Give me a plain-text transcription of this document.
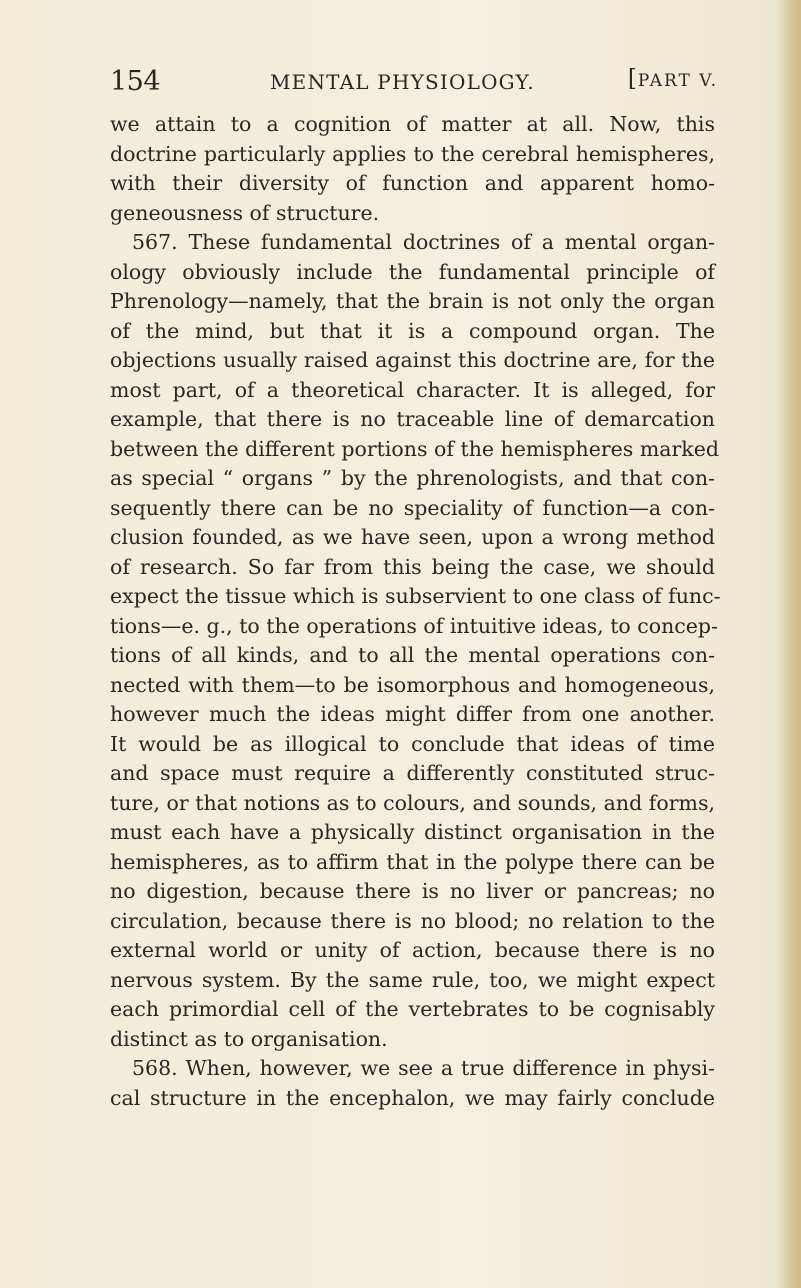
154	MENTAL PHYSIOLOGY.	[PART V.
we attain to a cognition of matter at all. Now, this
doctrine particularly applies to the cerebral hemispheres,
with their diversity of function and apparent homo-
geneousness of structure.
567. These fundamental doctrines of a mental organ-
ology obviously include the fundamental principle of
Phrenology—namely, that the brain is not only the organ
of the mind, but that it is a compound organ. The
objections usually raised against this doctrine are, for the
most part, of a theoretical character. It is alleged, for
example, that there is no traceable line of demarcation
between the different portions of the hemispheres marked
as special “ organs ” by the phrenologists, and that con-
sequently there can be no speciality of function—a con-
clusion founded, as we have seen, upon a wrong method
of research. So far from this being the case, we should
expect the tissue which is subservient to one class of func-
tions—e. g., to the operations of intuitive ideas, to concep-
tions of all kinds, and to all the mental operations con-
nected with them—to be isomorphous and homogeneous,
however much the ideas might differ from one another.
It would be as illogical to conclude that ideas of time
and space must require a differently constituted struc-
ture, or that notions as to colours, and sounds, and forms,
must each have a physically distinct organisation in the
hemispheres, as to affirm that in the polype there can be
no digestion, because there is no liver or pancreas; no
circulation, because there is no blood; no relation to the
external world or unity of action, because there is no
nervous system. By the same rule, too, we might expect
each primordial cell of the vertebrates to be cognisably
distinct as to organisation.
568. When, however, we see a true difference in physi-
cal structure in the encephalon, we may fairly conclude
